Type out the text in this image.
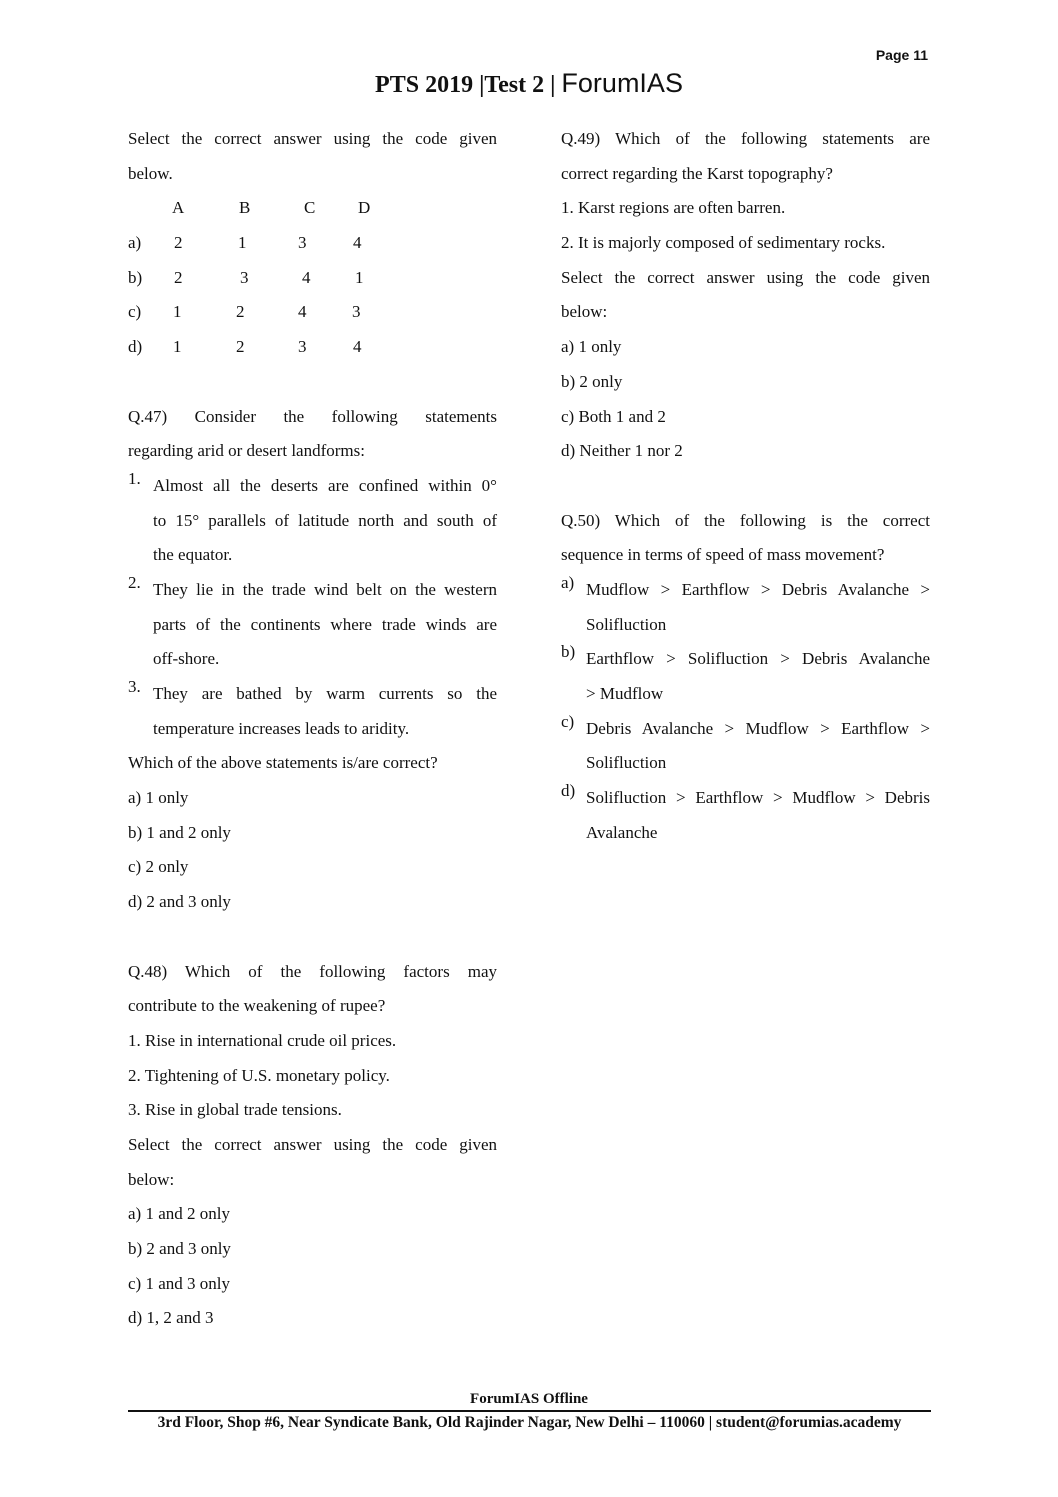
Page 11
PTS 2019 |Test 2 | ForumIAS
Select the correct answer using the code given
below.
A	B	C	D
a) 2	1	3	4
b) 2	3	4	1
c) 1	2	4	3
d) 1	2	3	4
Q.47) Consider the following statements
regarding arid or desert landforms:
1. Almost all the deserts are confined within 0°
to 15° parallels of latitude north and south of
the equator.
2. They lie in the trade wind belt on the western
parts of the continents where trade winds are
off-shore.
3. They are bathed by warm currents so the
temperature increases leads to aridity.
Which of the above statements is/are correct?
a) 1 only
b) 1 and 2 only
c) 2 only
d) 2 and 3 only
Q.48) Which of the following factors may
contribute to the weakening of rupee?
1. Rise in international crude oil prices.
2. Tightening of U.S. monetary policy.
3. Rise in global trade tensions.
Select the correct answer using the code given
below:
a) 1 and 2 only
b) 2 and 3 only
c) 1 and 3 only
d) 1, 2 and 3
Q.49) Which of the following statements are
correct regarding the Karst topography?
1. Karst regions are often barren.
2. It is majorly composed of sedimentary rocks.
Select the correct answer using the code given
below:
a) 1 only
b) 2 only
c) Both 1 and 2
d) Neither 1 nor 2
Q.50) Which of the following is the correct
sequence in terms of speed of mass movement?
a) Mudflow > Earthflow > Debris Avalanche >
Solifluction
b) Earthflow > Solifluction > Debris Avalanche
> Mudflow
c) Debris Avalanche > Mudflow > Earthflow >
Solifluction
d) Solifluction > Earthflow > Mudflow > Debris
Avalanche
ForumIAS Offline
3rd Floor, Shop #6, Near Syndicate Bank, Old Rajinder Nagar, New Delhi – 110060 | student@forumias.academy
